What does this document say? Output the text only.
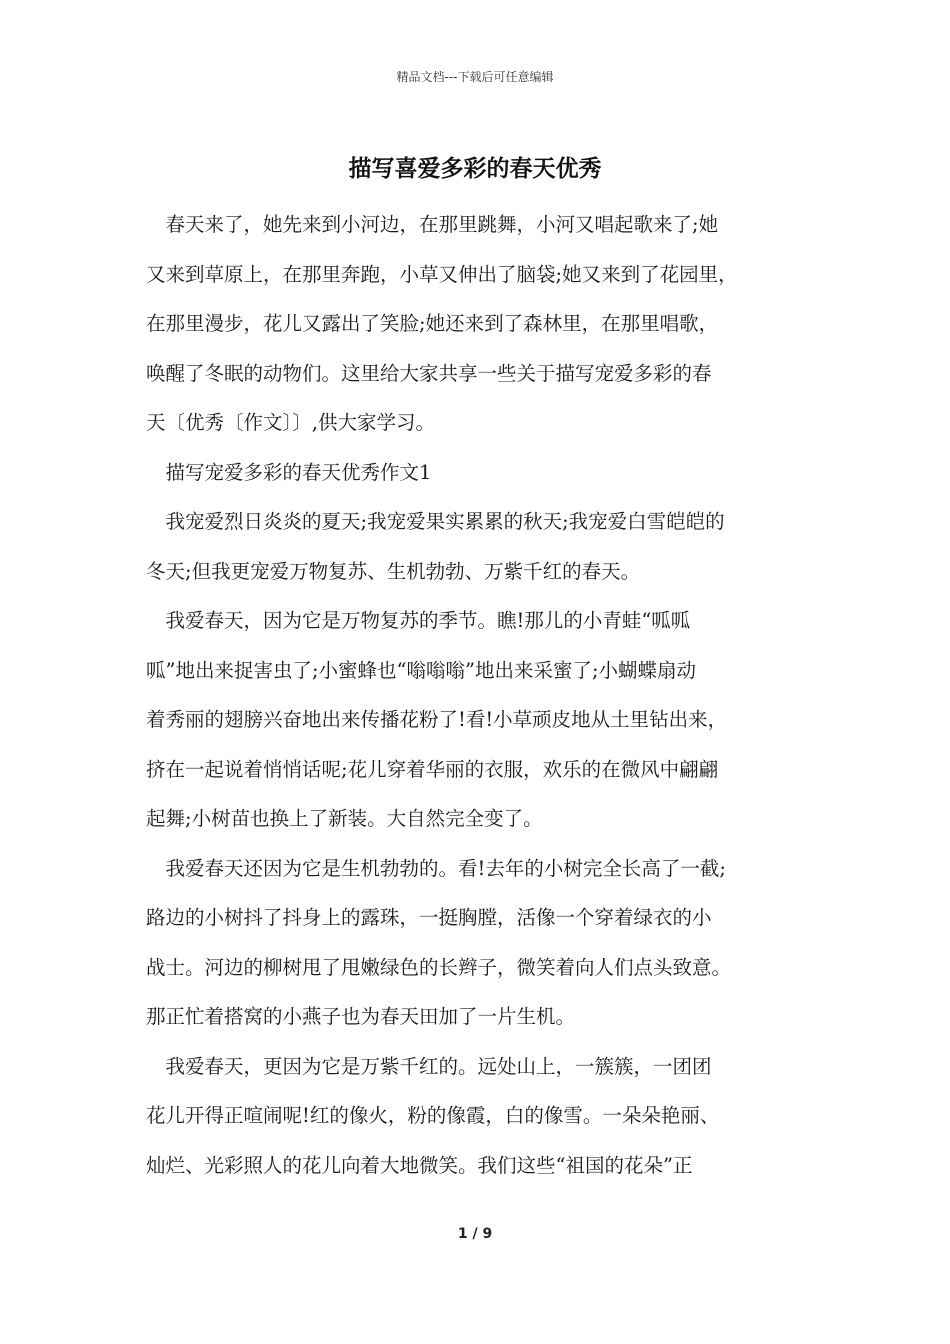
精品文档---下载后可任意编辑
描写喜爱多彩的春天优秀
　春天来了，她先来到小河边，在那里跳舞，小河又唱起歌来了;她
又来到草原上，在那里奔跑，小草又伸出了脑袋;她又来到了花园里，
在那里漫步，花儿又露出了笑脸;她还来到了森林里，在那里唱歌，
唤醒了冬眠的动物们。这里给大家共享一些关于描写宠爱多彩的春
天〔优秀〔作文〕〕,供大家学习。
　描写宠爱多彩的春天优秀作文1
　我宠爱烈日炎炎的夏天;我宠爱果实累累的秋天;我宠爱白雪皑皑的
冬天;但我更宠爱万物复苏、生机勃勃、万紫千红的春天。
　我爱春天，因为它是万物复苏的季节。瞧!那儿的小青蛙“呱呱
呱”地出来捉害虫了;小蜜蜂也“嗡嗡嗡”地出来采蜜了;小蝴蝶扇动
着秀丽的翅膀兴奋地出来传播花粉了!看!小草顽皮地从土里钻出来，
挤在一起说着悄悄话呢;花儿穿着华丽的衣服，欢乐的在微风中翩翩
起舞;小树苗也换上了新装。大自然完全变了。
　我爱春天还因为它是生机勃勃的。看!去年的小树完全长高了一截;
路边的小树抖了抖身上的露珠，一挺胸膛，活像一个穿着绿衣的小
战士。河边的柳树甩了甩嫩绿色的长辫子，微笑着向人们点头致意。
那正忙着搭窝的小燕子也为春天田加了一片生机。
　我爱春天，更因为它是万紫千红的。远处山上，一簇簇，一团团
花儿开得正喧闹呢!红的像火，粉的像霞，白的像雪。一朵朵艳丽、
灿烂、光彩照人的花儿向着大地微笑。我们这些“祖国的花朵”正
1 / 9
